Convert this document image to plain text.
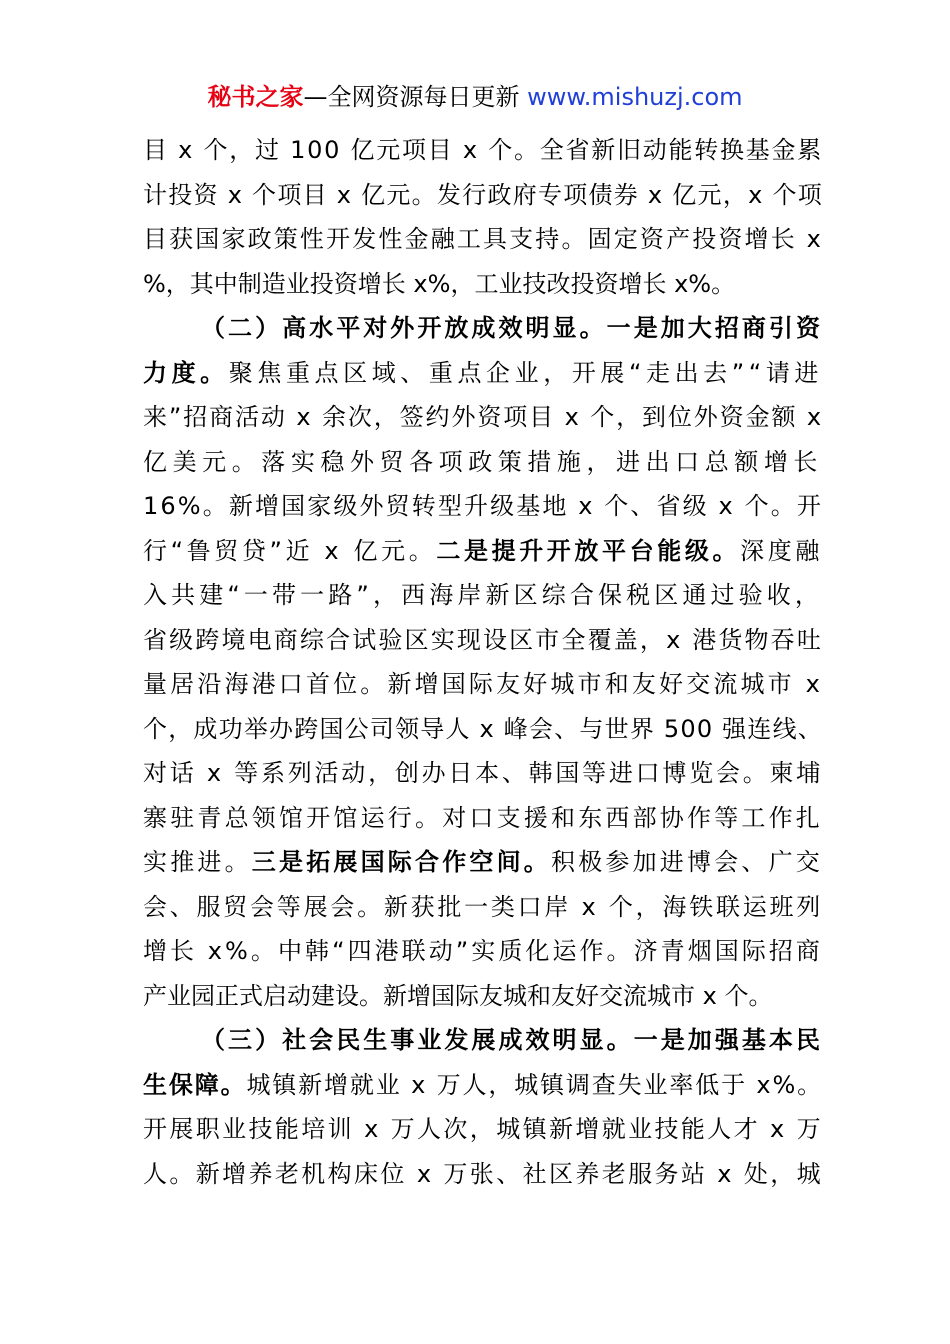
秘书之家—全网资源每日更新 www.mishuzj.com
目 x 个，过 100 亿元项目 x 个。全省新旧动能转换基金累
计投资 x 个项目 x 亿元。发行政府专项债券 x 亿元，x 个项
目获国家政策性开发性金融工具支持。固定资产投资增长 x
%，其中制造业投资增长 x%，工业技改投资增长 x%。
（二）高水平对外开放成效明显。一是加大招商引资
力度。聚焦重点区域、重点企业，开展“走出去”“请进
来”招商活动 x 余次，签约外资项目 x 个，到位外资金额 x
亿美元。落实稳外贸各项政策措施，进出口总额增长
16%。新增国家级外贸转型升级基地 x 个、省级 x 个。开
行“鲁贸贷”近 x 亿元。二是提升开放平台能级。深度融
入共建“一带一路”，西海岸新区综合保税区通过验收，
省级跨境电商综合试验区实现设区市全覆盖，x 港货物吞吐
量居沿海港口首位。新增国际友好城市和友好交流城市 x
个，成功举办跨国公司领导人 x 峰会、与世界 500 强连线、
对话 x 等系列活动，创办日本、韩国等进口博览会。柬埔
寨驻青总领馆开馆运行。对口支援和东西部协作等工作扎
实推进。三是拓展国际合作空间。积极参加进博会、广交
会、服贸会等展会。新获批一类口岸 x 个，海铁联运班列
增长 x%。中韩“四港联动”实质化运作。济青烟国际招商
产业园正式启动建设。新增国际友城和友好交流城市 x 个。
（三）社会民生事业发展成效明显。一是加强基本民
生保障。城镇新增就业 x 万人，城镇调查失业率低于 x%。
开展职业技能培训 x 万人次，城镇新增就业技能人才 x 万
人。新增养老机构床位 x 万张、社区养老服务站 x 处，城
